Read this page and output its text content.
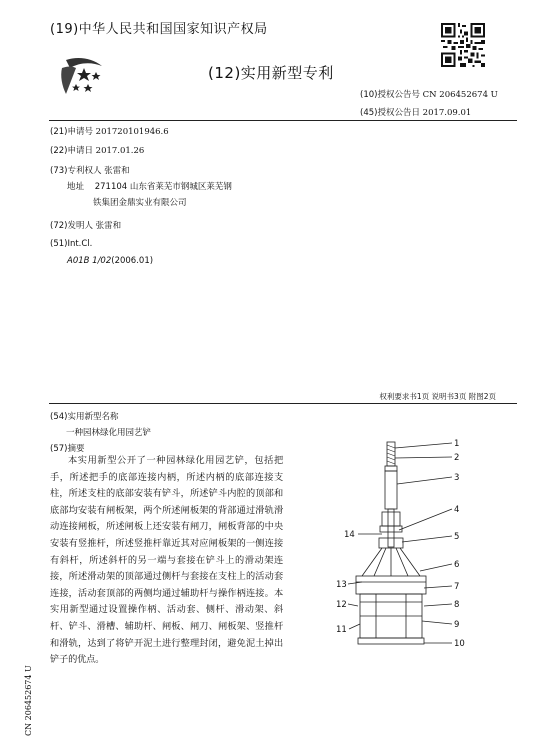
(19)中华人民共和国国家知识产权局
(12)实用新型专利
(10)授权公告号 CN 206452674 U
(45)授权公告日 2017.09.01
(21)申请号 201720101946.6
(22)申请日 2017.01.26
(73)专利权人 张雷和
地址 271104 山东省莱芜市钢城区莱芜钢
铁集团金鼎实业有限公司
(72)发明人 张雷和
(51)Int.Cl.
A01B 1/02(2006.01)
权利要求书1页 说明书3页 附图2页
(54)实用新型名称
一种园林绿化用园艺铲
(57)摘要
本实用新型公开了一种园林绿化用园艺铲，包括把手，所述把手的底部连接内柄，所述内柄的底部连接支柱，所述支柱的底部安装有铲斗，所述铲斗内腔的顶部和底部均安装有闸板架，两个所述闸板架的背部通过滑轨滑动连接闸板，所述闸板上还安装有闸刀，闸板背部的中央安装有竖推杆，所述竖推杆靠近其对应闸板架的一侧连接有斜杆，所述斜杆的另一端与套接在铲斗上的滑动架连接，所述滑动架的顶部通过侧杆与套接在支柱上的活动套连接，活动套顶部的两侧均通过辅助杆与操作柄连接。本实用新型通过设置操作柄、活动套、侧杆、滑动架、斜杆、铲斗、滑槽、辅助杆、闸板、闸刀、闸板架、竖推杆和滑轨，达到了将铲开泥土进行整理封闭，避免泥土掉出铲子的优点。
1
2
3
4
5
6
7
8
9
10
11
12
13
14
CN 206452674 U
